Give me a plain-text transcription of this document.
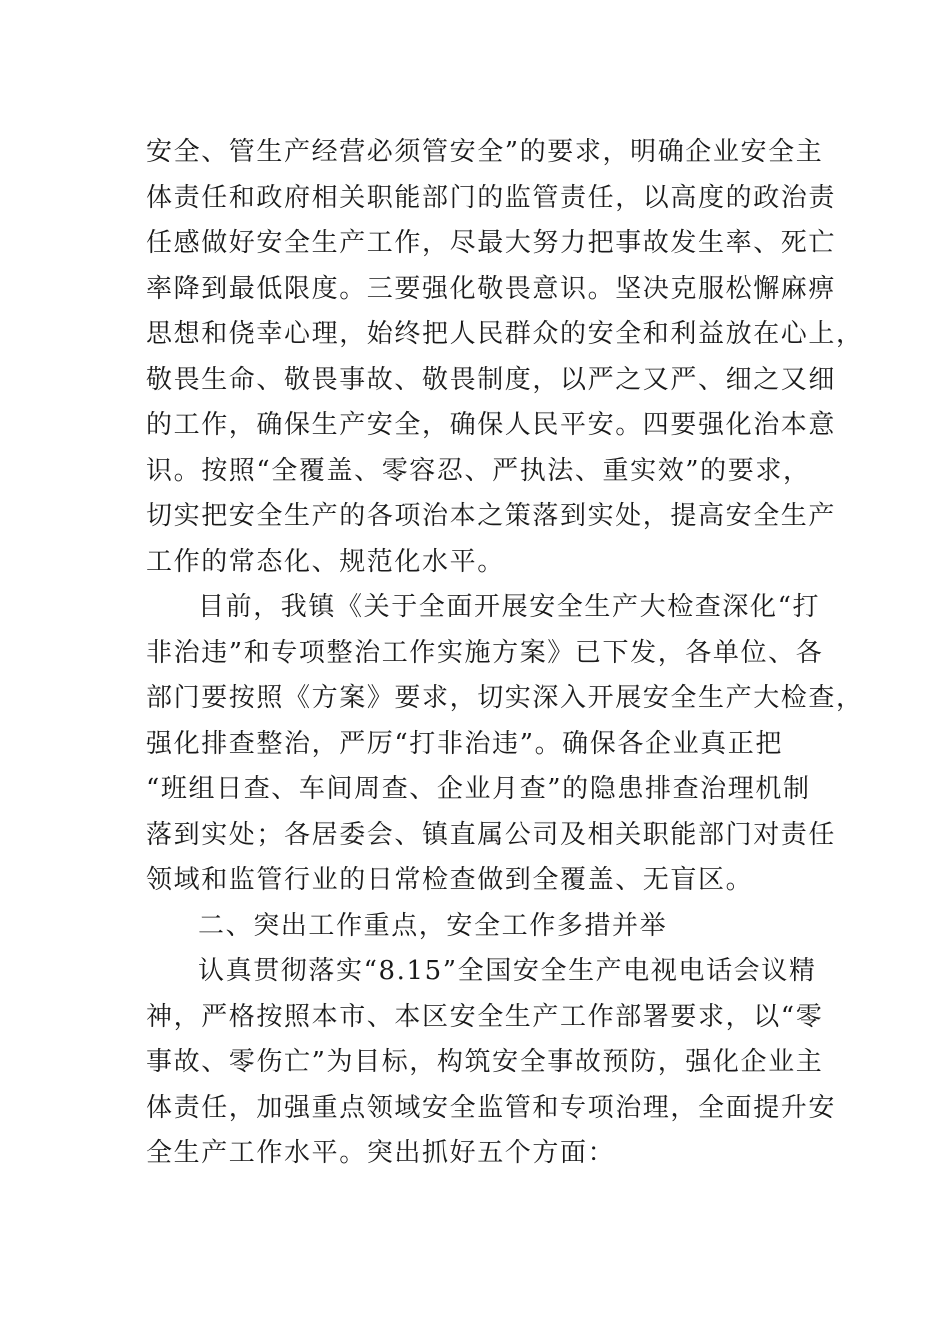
安全、管生产经营必须管安全”的要求，明确企业安全主
体责任和政府相关职能部门的监管责任，以高度的政治责
任感做好安全生产工作，尽最大努力把事故发生率、死亡
率降到最低限度。三要强化敬畏意识。坚决克服松懈麻痹
思想和侥幸心理，始终把人民群众的安全和利益放在心上，
敬畏生命、敬畏事故、敬畏制度，以严之又严、细之又细
的工作，确保生产安全，确保人民平安。四要强化治本意
识。按照“全覆盖、零容忍、严执法、重实效”的要求，
切实把安全生产的各项治本之策落到实处，提高安全生产
工作的常态化、规范化水平。
目前，我镇《关于全面开展安全生产大检查深化“打
非治违”和专项整治工作实施方案》已下发，各单位、各
部门要按照《方案》要求，切实深入开展安全生产大检查，
强化排查整治，严厉“打非治违”。确保各企业真正把
“班组日查、车间周查、企业月查”的隐患排查治理机制
落到实处；各居委会、镇直属公司及相关职能部门对责任
领域和监管行业的日常检查做到全覆盖、无盲区。
二、突出工作重点，安全工作多措并举
认真贯彻落实“8.15”全国安全生产电视电话会议精
神，严格按照本市、本区安全生产工作部署要求，以“零
事故、零伤亡”为目标，构筑安全事故预防，强化企业主
体责任，加强重点领域安全监管和专项治理，全面提升安
全生产工作水平。突出抓好五个方面：
